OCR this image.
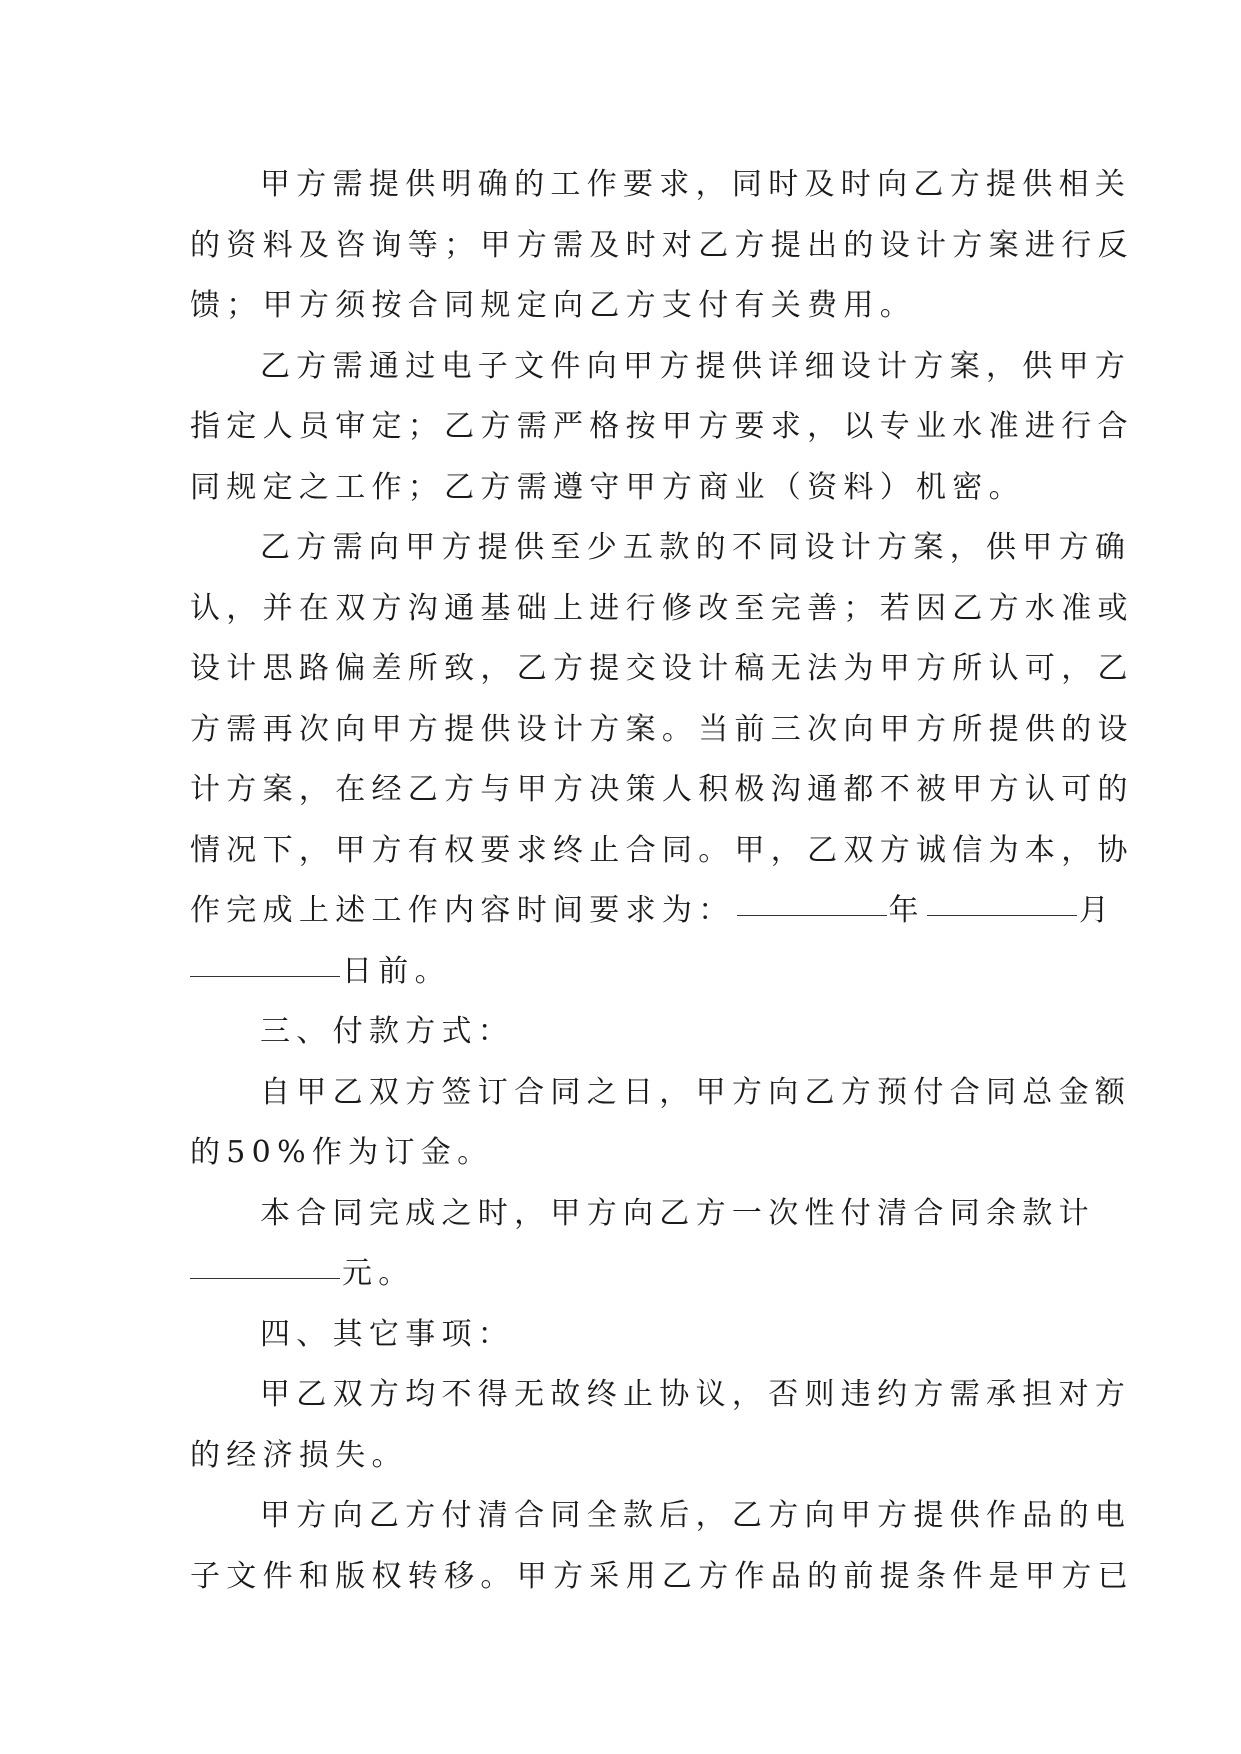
甲方需提供明确的工作要求，同时及时向乙方提供相关
的资料及咨询等；甲方需及时对乙方提出的设计方案进行反
馈；甲方须按合同规定向乙方支付有关费用。
乙方需通过电子文件向甲方提供详细设计方案，供甲方
指定人员审定；乙方需严格按甲方要求，以专业水准进行合
同规定之工作；乙方需遵守甲方商业（资料）机密。
乙方需向甲方提供至少五款的不同设计方案，供甲方确
认，并在双方沟通基础上进行修改至完善；若因乙方水准或
设计思路偏差所致，乙方提交设计稿无法为甲方所认可，乙
方需再次向甲方提供设计方案。当前三次向甲方所提供的设
计方案，在经乙方与甲方决策人积极沟通都不被甲方认可的
情况下，甲方有权要求终止合同。甲，乙双方诚信为本，协
作完成上述工作内容时间要求为：	年	月
日前。
三、付款方式：
自甲乙双方签订合同之日，甲方向乙方预付合同总金额
的50%作为订金。
本合同完成之时，甲方向乙方一次性付清合同余款计
元。
四、其它事项：
甲乙双方均不得无故终止协议，否则违约方需承担对方
的经济损失。
甲方向乙方付清合同全款后，乙方向甲方提供作品的电
子文件和版权转移。甲方采用乙方作品的前提条件是甲方已
